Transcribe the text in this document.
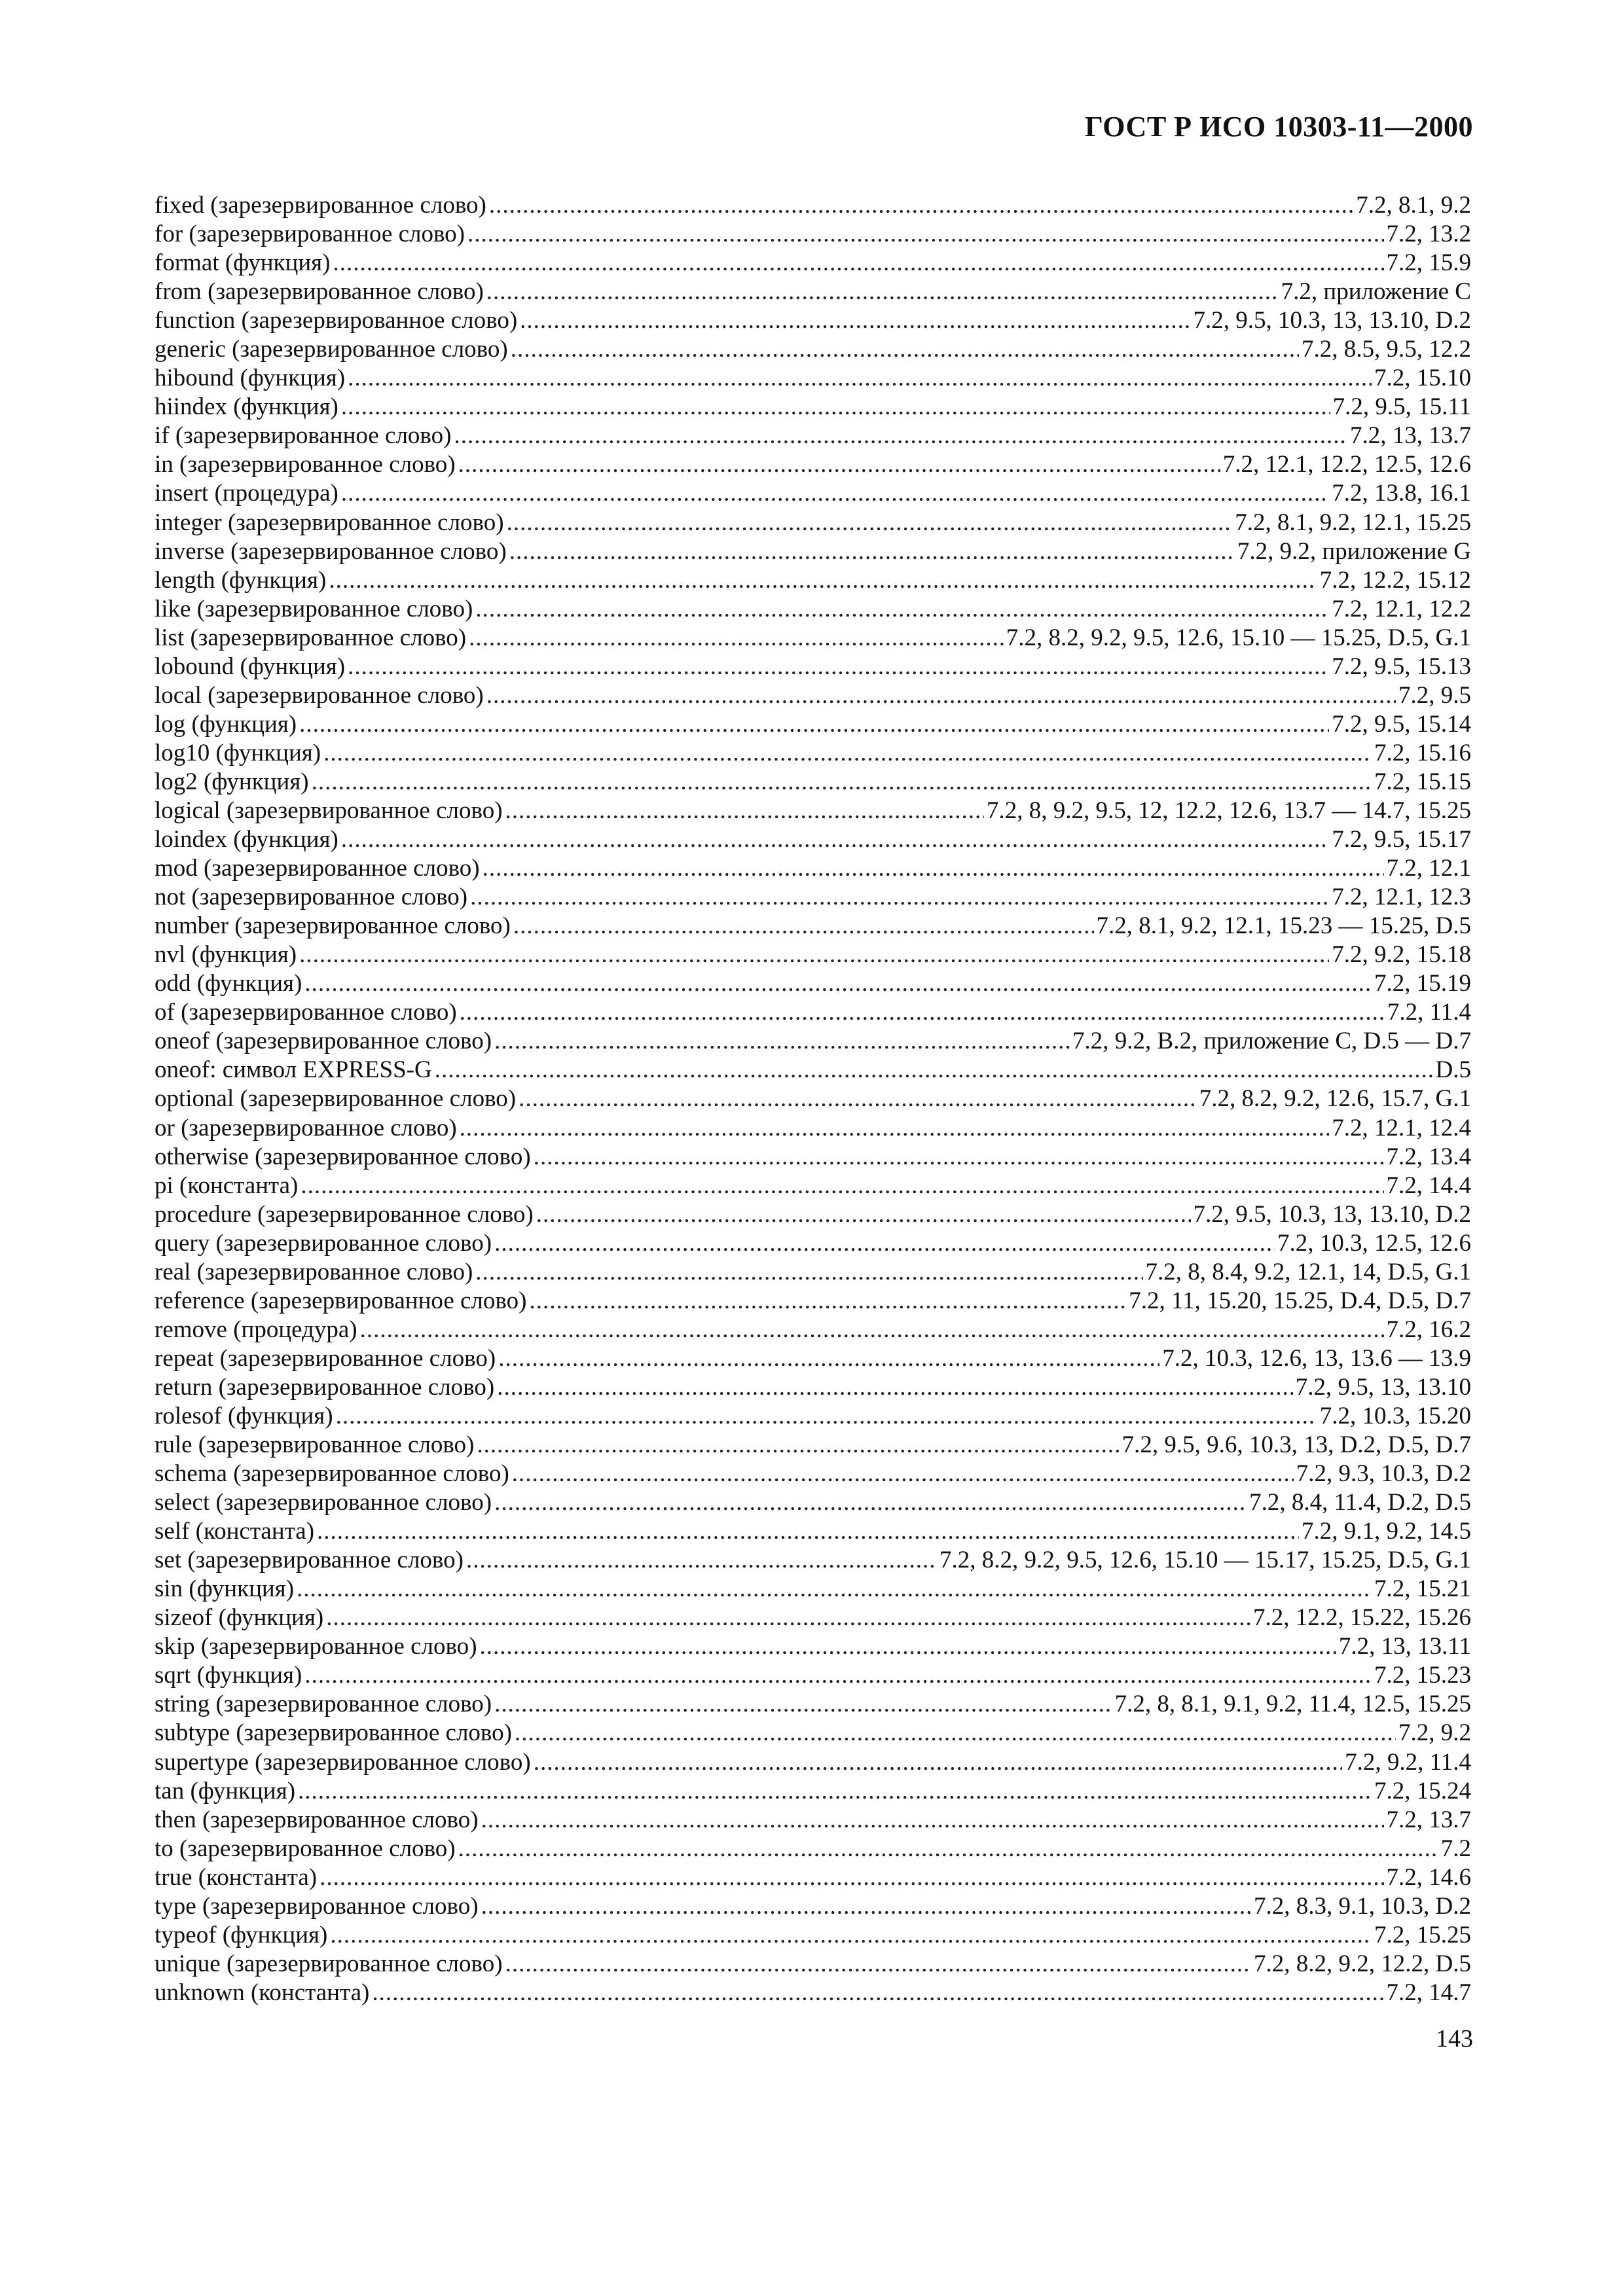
ГОСТ Р ИСО 10303-11—2000
fixed (зарезервированное слово) .....	7.2, 8.1, 9.2
for (зарезервированное слово) .....	7.2, 13.2
format (функция) .....	7.2, 15.9
from (зарезервированное слово) .....	7.2, приложение C
function (зарезервированное слово) .....	7.2, 9.5, 10.3, 13, 13.10, D.2
generic (зарезервированное слово) .....	7.2, 8.5, 9.5, 12.2
hibound (функция) .....	7.2, 15.10
hiindex (функция) .....	7.2, 9.5, 15.11
if (зарезервированное слово) .....	7.2, 13, 13.7
in (зарезервированное слово) .....	7.2, 12.1, 12.2, 12.5, 12.6
insert (процедура) .....	7.2, 13.8, 16.1
integer (зарезервированное слово) .....	7.2, 8.1, 9.2, 12.1, 15.25
inverse (зарезервированное слово) .....	7.2, 9.2, приложение G
length (функция) .....	7.2, 12.2, 15.12
like (зарезервированное слово) .....	7.2, 12.1, 12.2
list (зарезервированное слово) .....	7.2, 8.2, 9.2, 9.5, 12.6, 15.10 — 15.25, D.5, G.1
lobound (функция) .....	7.2, 9.5, 15.13
local (зарезервированное слово) .....	7.2, 9.5
log (функция) .....	7.2, 9.5, 15.14
log10 (функция) .....	7.2, 15.16
log2 (функция) .....	7.2, 15.15
logical (зарезервированное слово) .....	7.2, 8, 9.2, 9.5, 12, 12.2, 12.6, 13.7 — 14.7, 15.25
loindex (функция) .....	7.2, 9.5, 15.17
mod (зарезервированное слово) .....	7.2, 12.1
not (зарезервированное слово) .....	7.2, 12.1, 12.3
number (зарезервированное слово) .....	7.2, 8.1, 9.2, 12.1, 15.23 — 15.25, D.5
nvl (функция) .....	7.2, 9.2, 15.18
odd (функция) .....	7.2, 15.19
of (зарезервированное слово) .....	7.2, 11.4
oneof (зарезервированное слово) .....	7.2, 9.2, B.2, приложение C, D.5 — D.7
oneof: символ EXPRESS-G .....	D.5
optional (зарезервированное слово) .....	7.2, 8.2, 9.2, 12.6, 15.7, G.1
or (зарезервированное слово) .....	7.2, 12.1, 12.4
otherwise (зарезервированное слово) .....	7.2, 13.4
pi (константа) .....	7.2, 14.4
procedure (зарезервированное слово) .....	7.2, 9.5, 10.3, 13, 13.10, D.2
query (зарезервированное слово) .....	7.2, 10.3, 12.5, 12.6
real (зарезервированное слово) .....	7.2, 8, 8.4, 9.2, 12.1, 14, D.5, G.1
reference (зарезервированное слово) .....	7.2, 11, 15.20, 15.25, D.4, D.5, D.7
remove (процедура) .....	7.2, 16.2
repeat (зарезервированное слово) .....	7.2, 10.3, 12.6, 13, 13.6 — 13.9
return (зарезервированное слово) .....	7.2, 9.5, 13, 13.10
rolesof (функция) .....	7.2, 10.3, 15.20
rule (зарезервированное слово) .....	7.2, 9.5, 9.6, 10.3, 13, D.2, D.5, D.7
schema (зарезервированное слово) .....	7.2, 9.3, 10.3, D.2
select (зарезервированное слово) .....	7.2, 8.4, 11.4, D.2, D.5
self (константа) .....	7.2, 9.1, 9.2, 14.5
set (зарезервированное слово) .....	7.2, 8.2, 9.2, 9.5, 12.6, 15.10 — 15.17, 15.25, D.5, G.1
sin (функция) .....	7.2, 15.21
sizeof (функция) .....	7.2, 12.2, 15.22, 15.26
skip (зарезервированное слово) .....	7.2, 13, 13.11
sqrt (функция) .....	7.2, 15.23
string (зарезервированное слово) .....	7.2, 8, 8.1, 9.1, 9.2, 11.4, 12.5, 15.25
subtype (зарезервированное слово) .....	7.2, 9.2
supertype (зарезервированное слово) .....	7.2, 9.2, 11.4
tan (функция) .....	7.2, 15.24
then (зарезервированное слово) .....	7.2, 13.7
to (зарезервированное слово) .....	7.2
true (константа) .....	7.2, 14.6
type (зарезервированное слово) .....	7.2, 8.3, 9.1, 10.3, D.2
typeof (функция) .....	7.2, 15.25
unique (зарезервированное слово) .....	7.2, 8.2, 9.2, 12.2, D.5
unknown (константа) .....	7.2, 14.7
143
